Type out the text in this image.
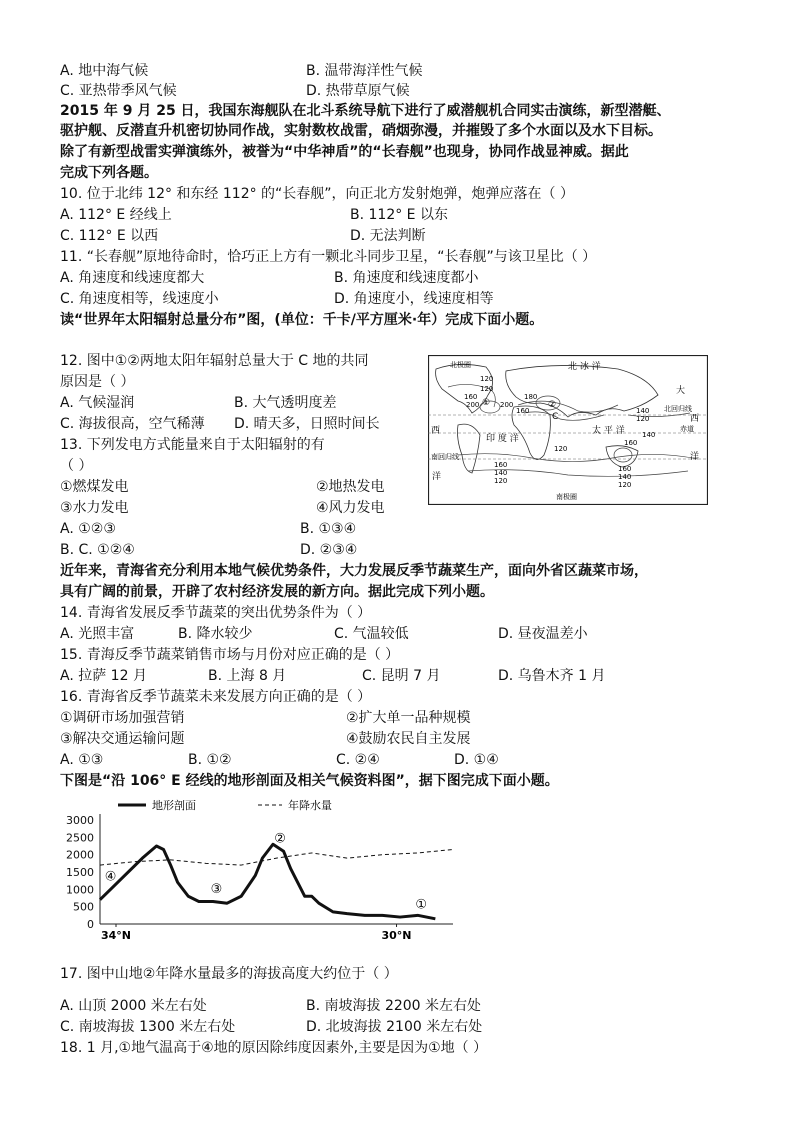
A. 地中海气候	B. 温带海洋性气候
C. 亚热带季风气候	D. 热带草原气候
2015 年 9 月 25 日，我国东海舰队在北斗系统导航下进行了威潜舰机合同实击演练，新型潜艇、
驱护舰、反潜直升机密切协同作战，实射数枚战雷，硝烟弥漫，并摧毁了多个水面以及水下目标。
除了有新型战雷实弹演练外，被誉为“中华神盾”的“长春舰”也现身，协同作战显神威。据此
完成下列各题。
10. 位于北纬 12° 和东经 112° 的“长春舰”，向正北方发射炮弹，炮弹应落在（ ）
A. 112° E 经线上	B. 112° E 以东
C. 112° E 以西	D. 无法判断
11. “长春舰”原地待命时，恰巧正上方有一颗北斗同步卫星，“长春舰”与该卫星比（ ）
A. 角速度和线速度都大	B. 角速度和线速度都小
C. 角速度相等，线速度小	D. 角速度小，线速度相等
读“世界年太阳辐射总量分布”图，(单位：千卡/平方厘米·年）完成下面小题。
12. 图中①②两地太阳年辐射总量大于 C 地的共同
原因是（ ）
A. 气候湿润	B. 大气透明度差
C. 海拔很高，空气稀薄 D. 晴天多，日照时间长
13. 下列发电方式能量来自于太阳辐射的有
（ ）
①燃煤发电	②地热发电
③水力发电	④风力发电
A. ①②③	B. ①③④
B. C. ①②④	D. ②③④
北极圈	北 冰 洋
大
北回归线
C
印 度 洋
太 平 洋	赤道
西
西
南回归线
洋
洋
南极圈
120
120
160
200
180
200
160	140
120
120
140
160
160
140
120
160
140
120
①	②
近年来，青海省充分利用本地气候优势条件，大力发展反季节蔬菜生产，面向外省区蔬菜市场，
具有广阔的前景，开辟了农村经济发展的新方向。据此完成下列小题。
14. 青海省发展反季节蔬菜的突出优势条件为（ ）
A. 光照丰富	B. 降水较少	C. 气温较低	D. 昼夜温差小
15. 青海反季节蔬菜销售市场与月份对应正确的是（ ）
A. 拉萨 12 月	B. 上海 8 月	C. 昆明 7 月	D. 乌鲁木齐 1 月
16. 青海省反季节蔬菜未来发展方向正确的是（ ）
①调研市场加强营销	②扩大单一品种规模
③解决交通运输问题	④鼓励农民自主发展
A. ①③	B. ①②	C. ②④	D. ①④
下图是“沿 106° E 经线的地形剖面及相关气候资料图”，据下图完成下面小题。
0
500
1000
1500
2000
2500
3000
34°N	30°N
地形剖面	年降水量
④
③
②
①
17. 图中山地②年降水量最多的海拔高度大约位于（ ）
A. 山顶 2000 米左右处	B. 南坡海拔 2200 米左右处
C. 南坡海拔 1300 米左右处	D. 北坡海拔 2100 米左右处
18. 1 月,①地气温高于④地的原因除纬度因素外,主要是因为①地（ ）
